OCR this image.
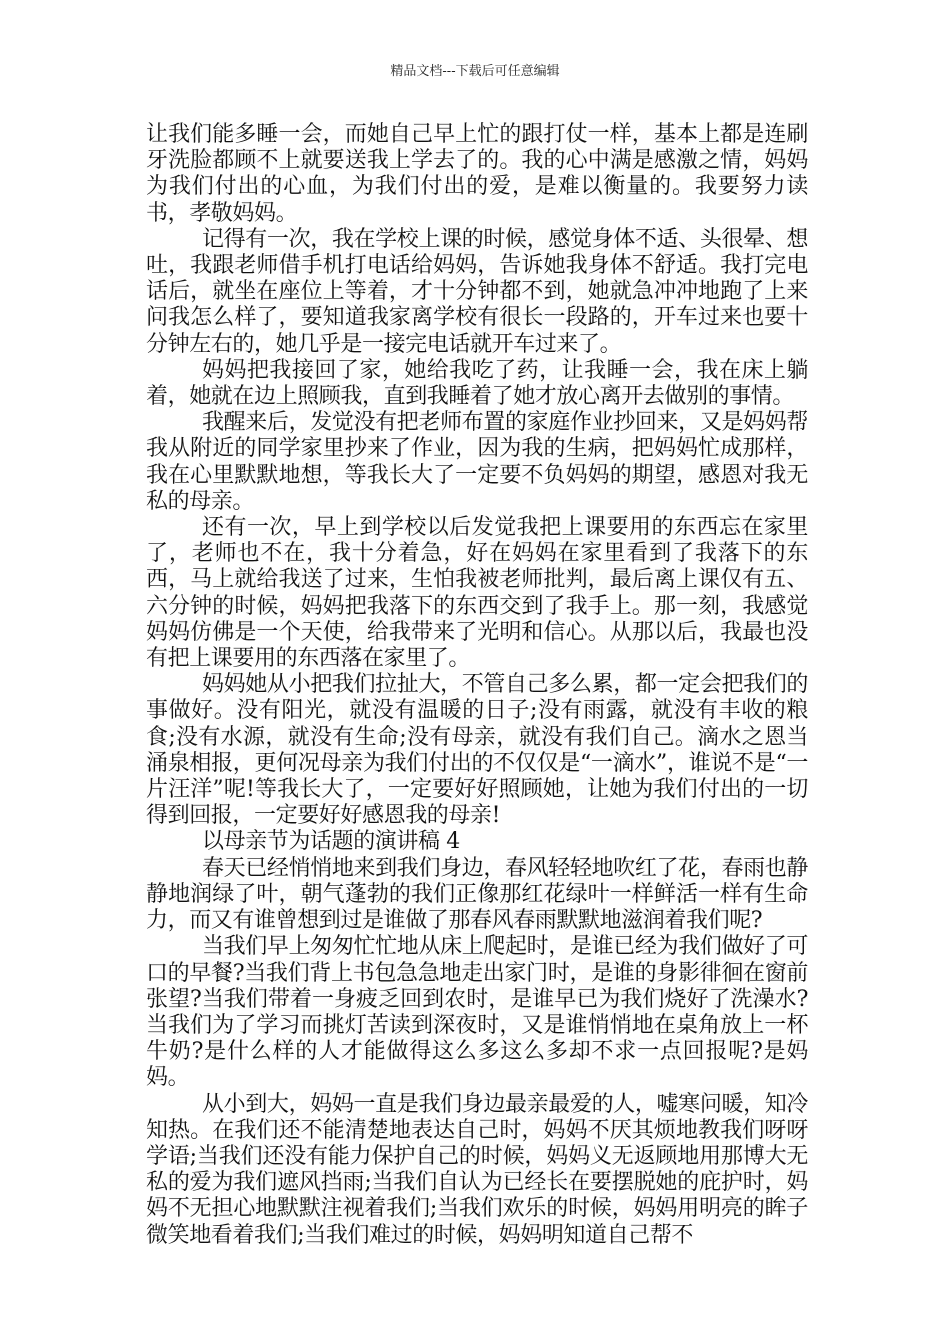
精品文档---下载后可任意编辑

让我们能多睡一会，而她自己早上忙的跟打仗一样，基本上都是连刷牙洗脸都顾不上就要送我上学去了的。我的心中满是感激之情，妈妈为我们付出的心血，为我们付出的爱，是难以衡量的。我要努力读书，孝敬妈妈。

记得有一次，我在学校上课的时候，感觉身体不适、头很晕、想吐，我跟老师借手机打电话给妈妈，告诉她我身体不舒适。我打完电话后，就坐在座位上等着，才十分钟都不到，她就急冲冲地跑了上来问我怎么样了，要知道我家离学校有很长一段路的，开车过来也要十分钟左右的，她几乎是一接完电话就开车过来了。

妈妈把我接回了家，她给我吃了药，让我睡一会，我在床上躺着，她就在边上照顾我，直到我睡着了她才放心离开去做别的事情。

我醒来后，发觉没有把老师布置的家庭作业抄回来，又是妈妈帮我从附近的同学家里抄来了作业，因为我的生病，把妈妈忙成那样，我在心里默默地想，等我长大了一定要不负妈妈的期望，感恩对我无私的母亲。

还有一次，早上到学校以后发觉我把上课要用的东西忘在家里了，老师也不在，我十分着急，好在妈妈在家里看到了我落下的东西，马上就给我送了过来，生怕我被老师批判，最后离上课仅有五、六分钟的时候，妈妈把我落下的东西交到了我手上。那一刻，我感觉妈妈仿佛是一个天使，给我带来了光明和信心。从那以后，我最也没有把上课要用的东西落在家里了。

妈妈她从小把我们拉扯大，不管自己多么累，都一定会把我们的事做好。没有阳光，就没有温暖的日子;没有雨露，就没有丰收的粮食;没有水源，就没有生命;没有母亲，就没有我们自己。滴水之恩当涌泉相报，更何况母亲为我们付出的不仅仅是“一滴水”，谁说不是“一片汪洋”呢!等我长大了，一定要好好照顾她，让她为我们付出的一切得到回报，一定要好好感恩我的母亲!

以母亲节为话题的演讲稿 4

春天已经悄悄地来到我们身边，春风轻轻地吹红了花，春雨也静静地润绿了叶，朝气蓬勃的我们正像那红花绿叶一样鲜活一样有生命力，而又有谁曾想到过是谁做了那春风春雨默默地滋润着我们呢?

当我们早上匆匆忙忙地从床上爬起时，是谁已经为我们做好了可口的早餐?当我们背上书包急急地走出家门时，是谁的身影徘徊在窗前张望?当我们带着一身疲乏回到农时，是谁早已为我们烧好了洗澡水?当我们为了学习而挑灯苦读到深夜时，又是谁悄悄地在桌角放上一杯牛奶?是什么样的人才能做得这么多这么多却不求一点回报呢?是妈妈。

从小到大，妈妈一直是我们身边最亲最爱的人，嘘寒问暖，知冷知热。在我们还不能清楚地表达自己时，妈妈不厌其烦地教我们呀呀学语;当我们还没有能力保护自己的时候，妈妈义无返顾地用那博大无私的爱为我们遮风挡雨;当我们自认为已经长在要摆脱她的庇护时，妈妈不无担心地默默注视着我们;当我们欢乐的时候，妈妈用明亮的眸子微笑地看着我们;当我们难过的时候，妈妈明知道自己帮不
